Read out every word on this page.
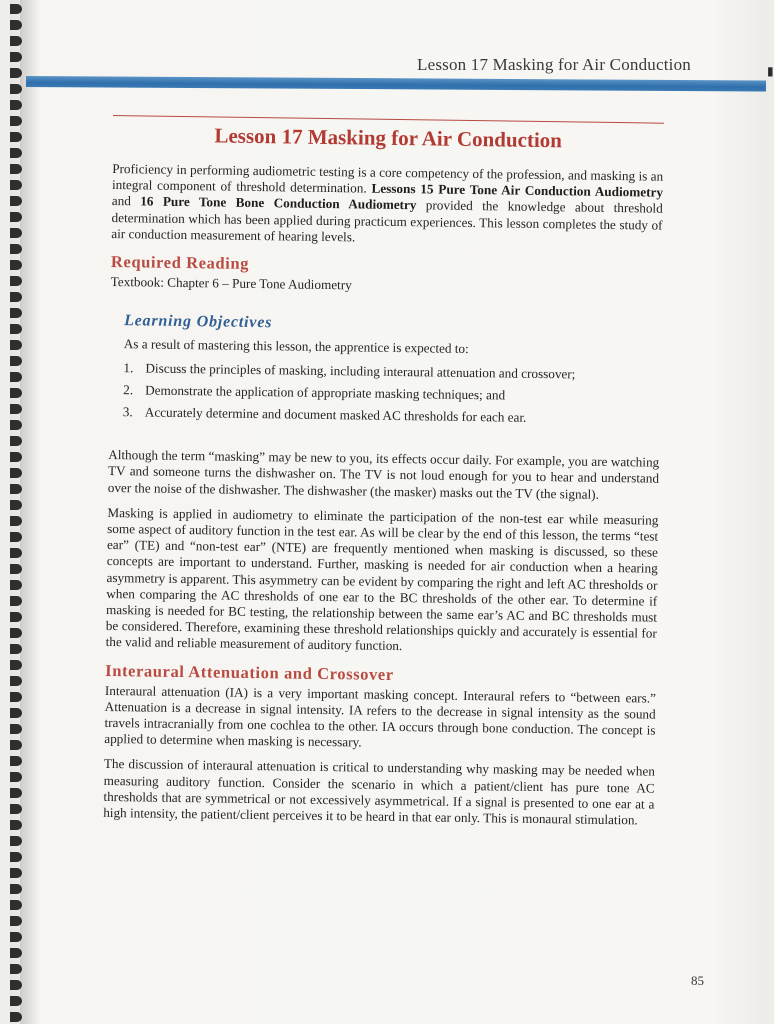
Lesson 17 Masking for Air Conduction	▮
Lesson 17 Masking for Air Conduction

Proficiency in performing audiometric testing is a core competency of the profession, and masking is an integral component of threshold determination. Lessons 15 Pure Tone Air Conduction Audiometry and 16 Pure Tone Bone Conduction Audiometry provided the knowledge about threshold determination which has been applied during practicum experiences. This lesson completes the study of air conduction measurement of hearing levels.

Required Reading
Textbook: Chapter 6 – Pure Tone Audiometry
Learning Objectives

As a result of mastering this lesson, the apprentice is expected to:

1. Discuss the principles of masking, including interaural attenuation and crossover;
2. Demonstrate the application of appropriate masking techniques; and
3. Accurately determine and document masked AC thresholds for each ear.

Although the term “masking” may be new to you, its effects occur daily. For example, you are watching TV and someone turns the dishwasher on. The TV is not loud enough for you to hear and understand over the noise of the dishwasher. The dishwasher (the masker) masks out the TV (the signal).

Masking is applied in audiometry to eliminate the participation of the non-test ear while measuring some aspect of auditory function in the test ear. As will be clear by the end of this lesson, the terms “test ear” (TE) and “non-test ear” (NTE) are frequently mentioned when masking is discussed, so these concepts are important to understand. Further, masking is needed for air conduction when a hearing asymmetry is apparent. This asymmetry can be evident by comparing the right and left AC thresholds or when comparing the AC thresholds of one ear to the BC thresholds of the other ear. To determine if masking is needed for BC testing, the relationship between the same ear’s AC and BC thresholds must be considered. Therefore, examining these threshold relationships quickly and accurately is essential for the valid and reliable measurement of auditory function.

Interaural Attenuation and Crossover

Interaural attenuation (IA) is a very important masking concept. Interaural refers to “between ears.” Attenuation is a decrease in signal intensity. IA refers to the decrease in signal intensity as the sound travels intracranially from one cochlea to the other. IA occurs through bone conduction. The concept is applied to determine when masking is necessary.

The discussion of interaural attenuation is critical to understanding why masking may be needed when measuring auditory function. Consider the scenario in which a patient/client has pure tone AC thresholds that are symmetrical or not excessively asymmetrical. If a signal is presented to one ear at a high intensity, the patient/client perceives it to be heard in that ear only. This is monaural stimulation.

85
